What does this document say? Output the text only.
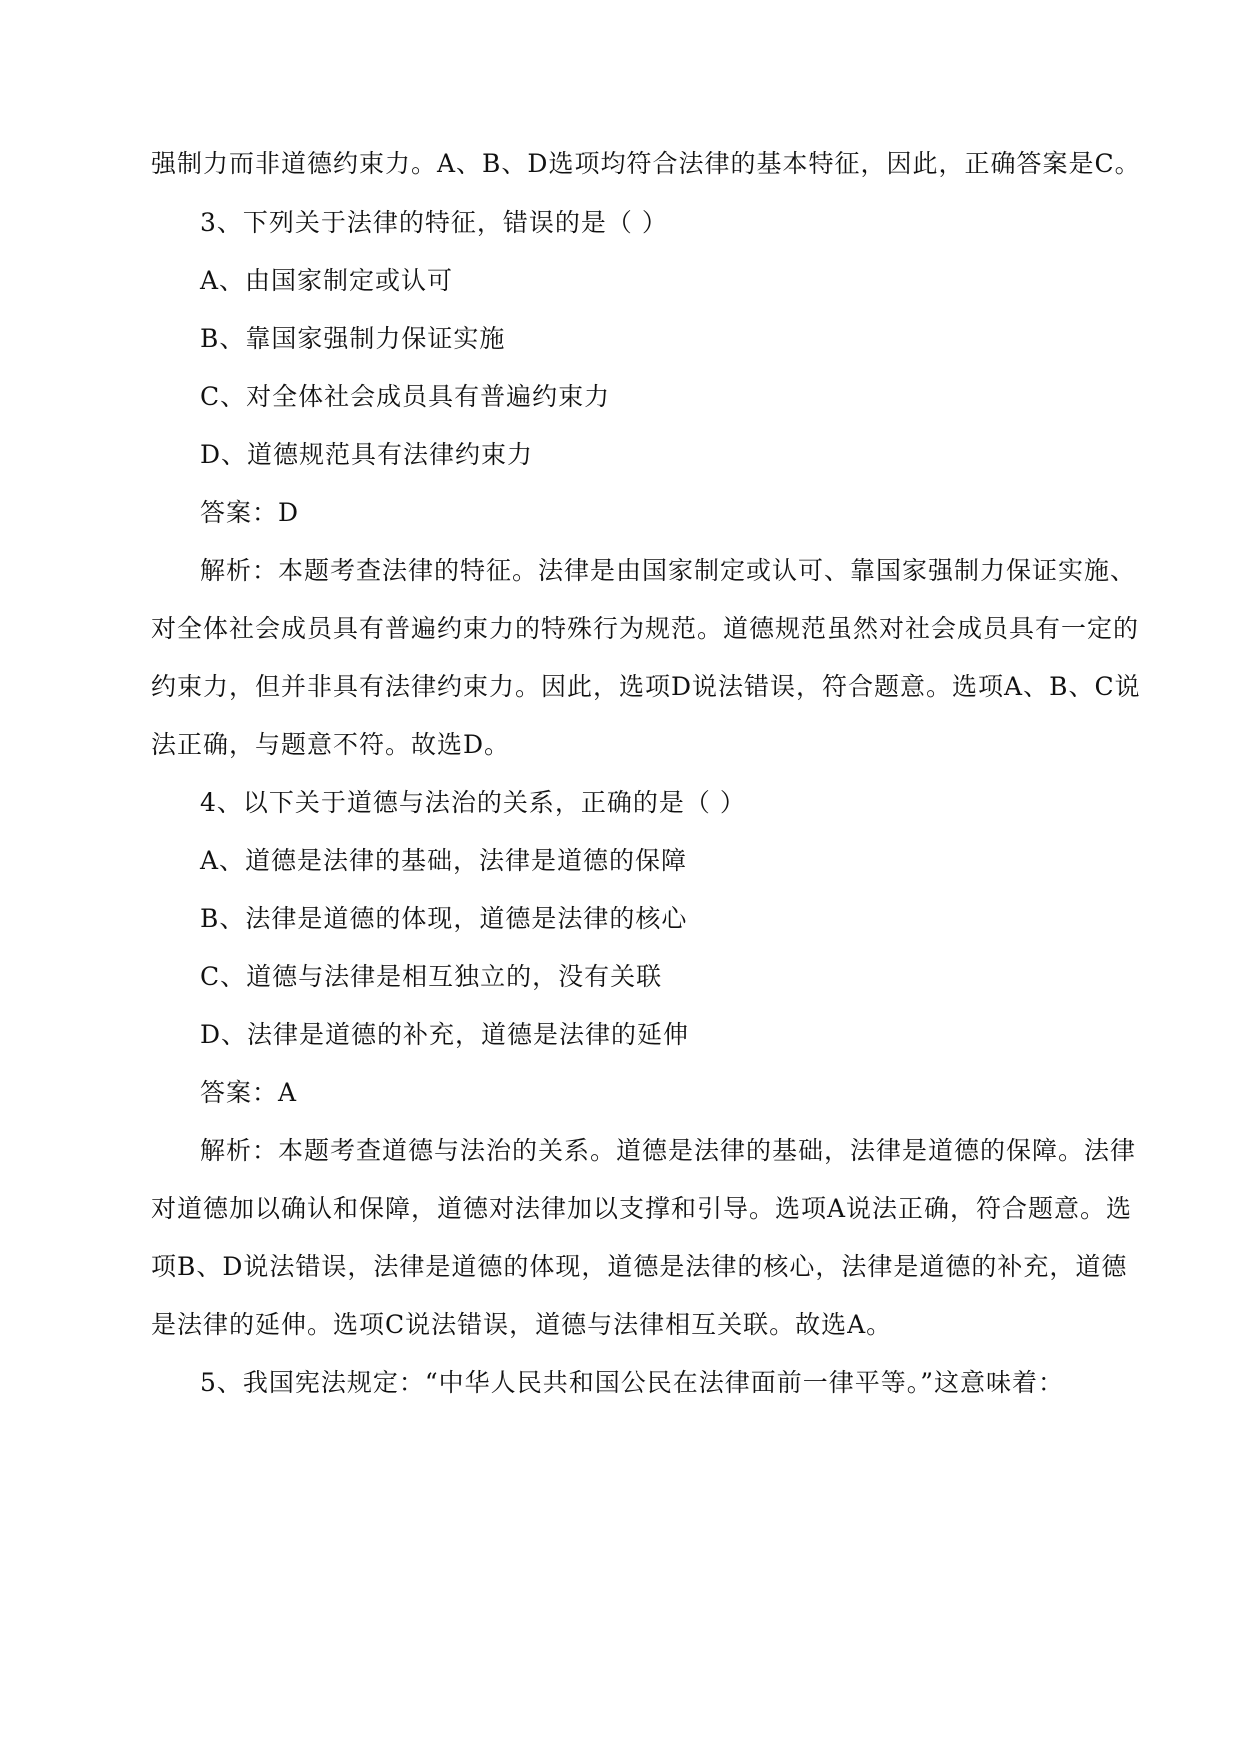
强制力而非道德约束力。A、B、D选项均符合法律的基本特征，因此，正确答案是C。
3、下列关于法律的特征，错误的是（ ）
A、由国家制定或认可
B、靠国家强制力保证实施
C、对全体社会成员具有普遍约束力
D、道德规范具有法律约束力
答案：D
解析：本题考查法律的特征。法律是由国家制定或认可、靠国家强制力保证实施、
对全体社会成员具有普遍约束力的特殊行为规范。道德规范虽然对社会成员具有一定的
约束力，但并非具有法律约束力。因此，选项D说法错误，符合题意。选项A、B、C说
法正确，与题意不符。故选D。
4、以下关于道德与法治的关系，正确的是（ ）
A、道德是法律的基础，法律是道德的保障
B、法律是道德的体现，道德是法律的核心
C、道德与法律是相互独立的，没有关联
D、法律是道德的补充，道德是法律的延伸
答案：A
解析：本题考查道德与法治的关系。道德是法律的基础，法律是道德的保障。法律
对道德加以确认和保障，道德对法律加以支撑和引导。选项A说法正确，符合题意。选
项B、D说法错误，法律是道德的体现，道德是法律的核心，法律是道德的补充，道德
是法律的延伸。选项C说法错误，道德与法律相互关联。故选A。
5、我国宪法规定：“中华人民共和国公民在法律面前一律平等。”这意味着：
